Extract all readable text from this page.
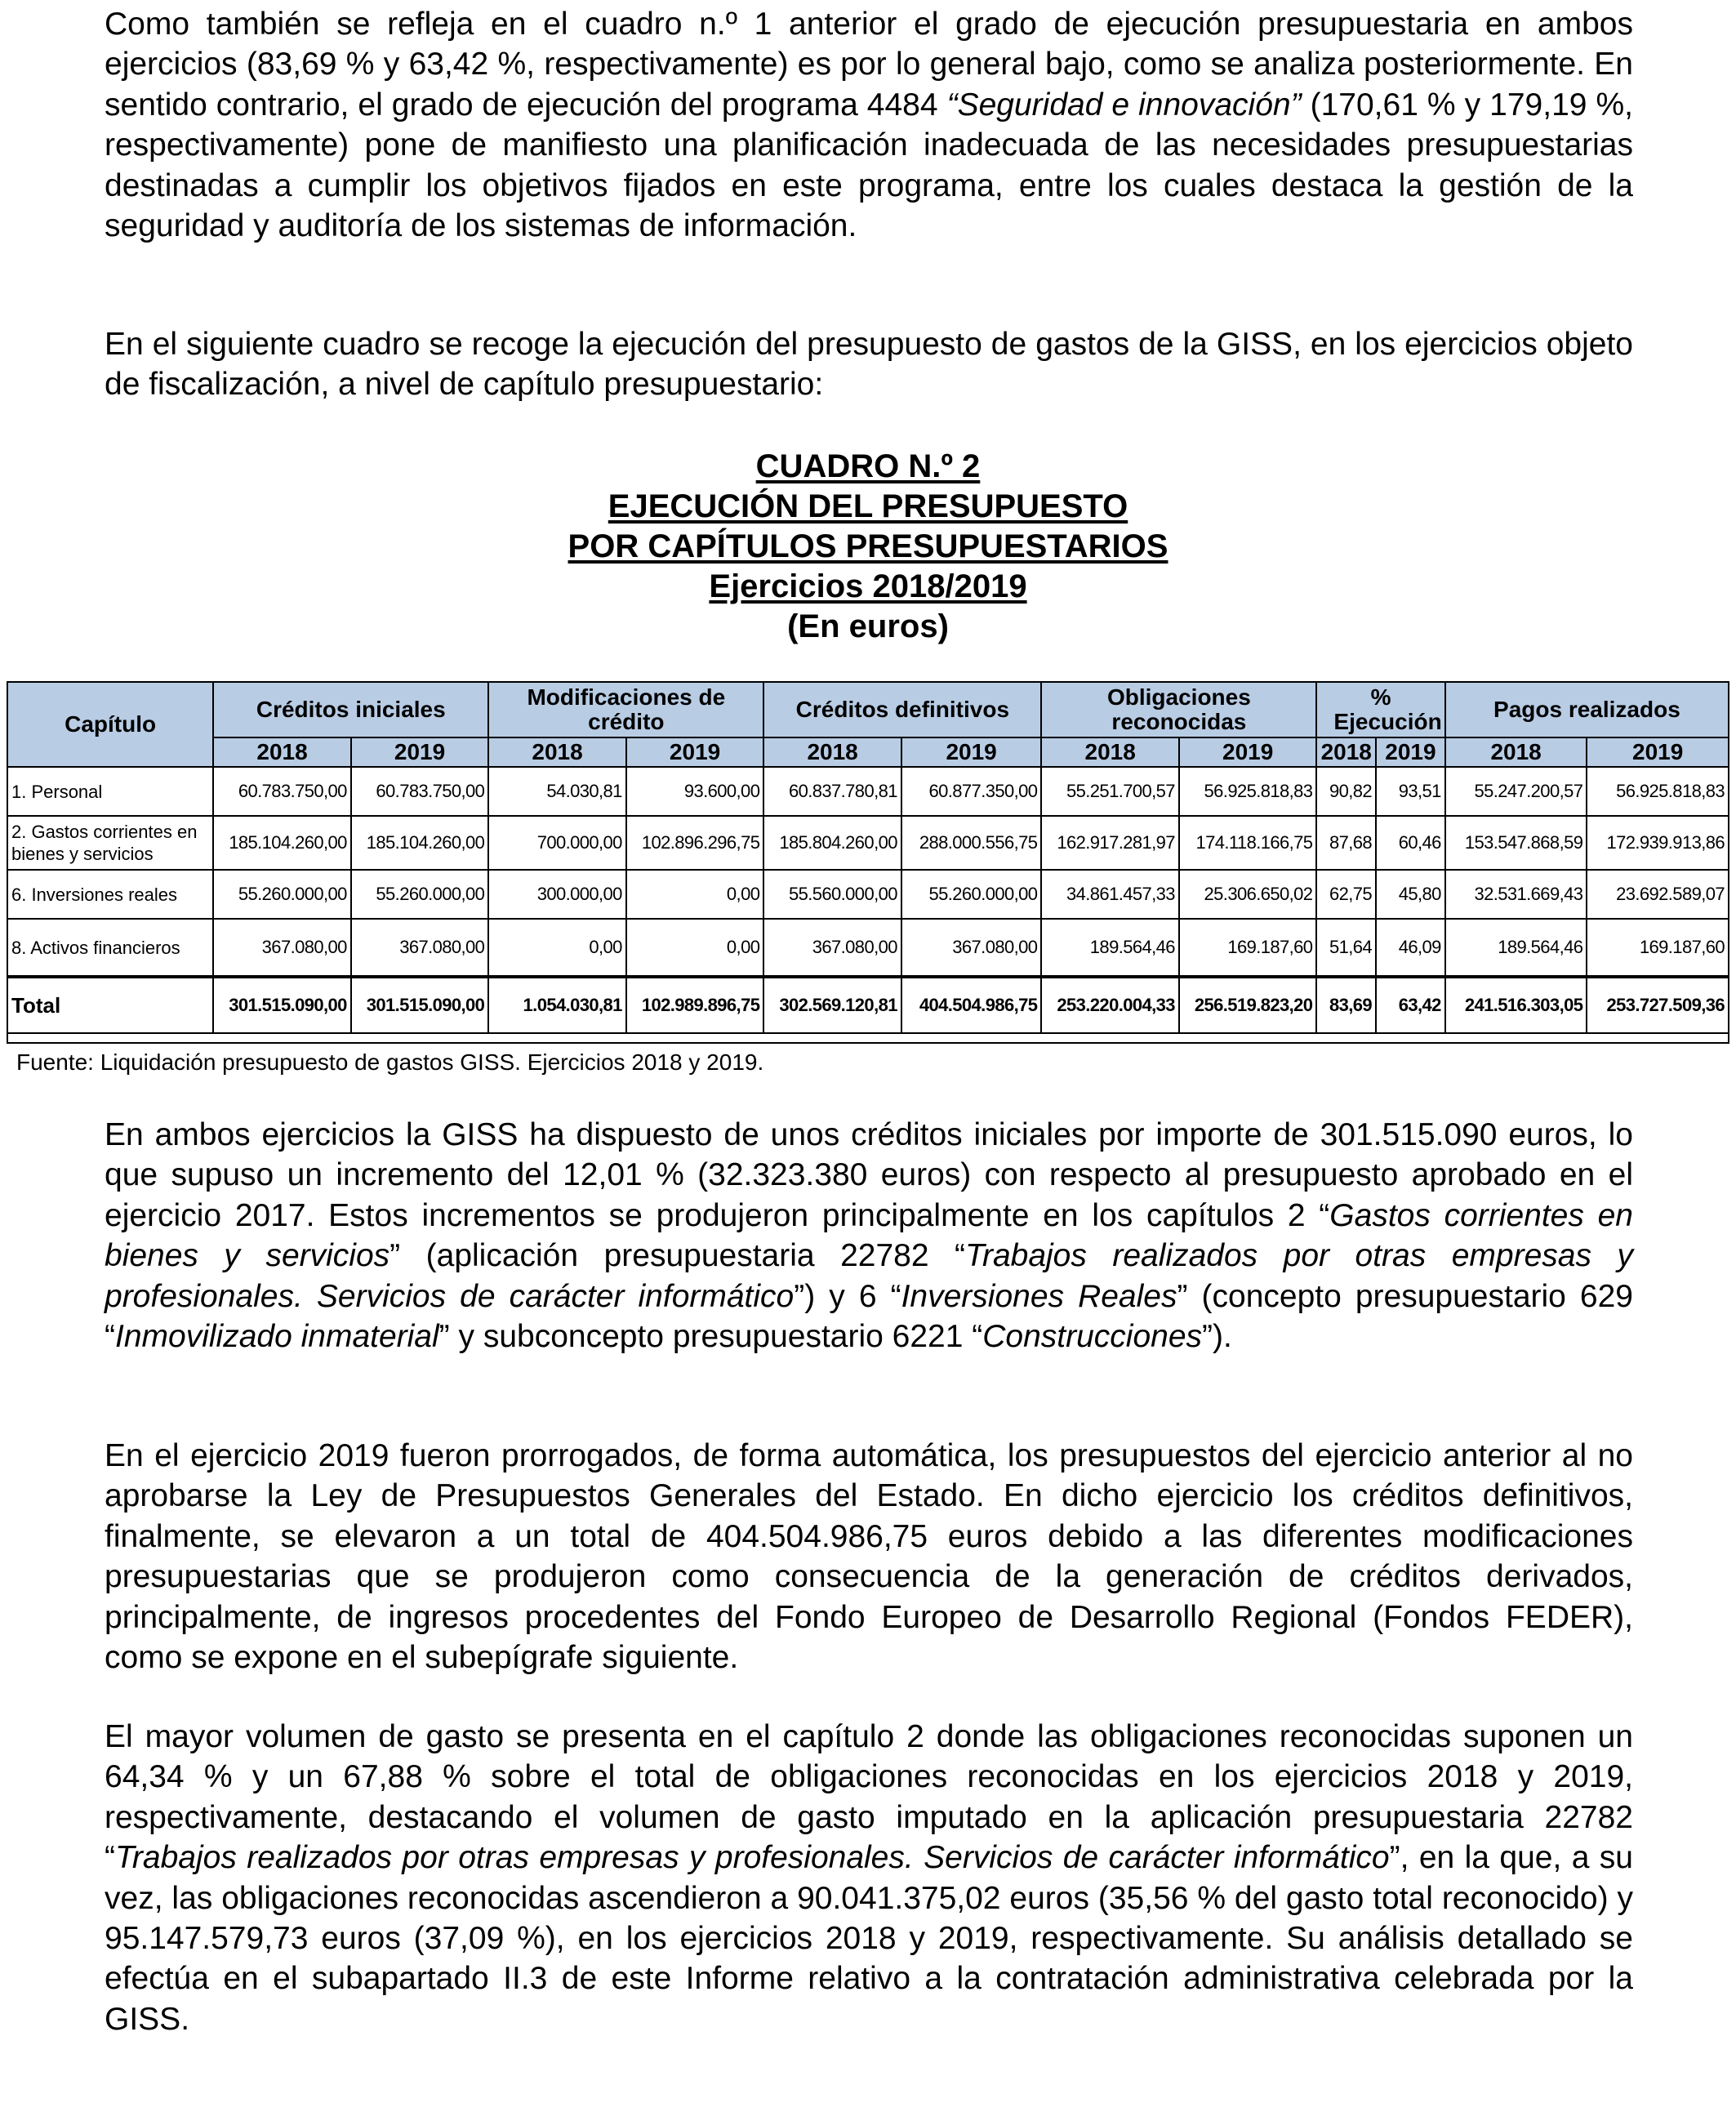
Como también se refleja en el cuadro n.º 1 anterior el grado de ejecución presupuestaria en ambos ejercicios (83,69 % y 63,42 %, respectivamente) es por lo general bajo, como se analiza posteriormente. En sentido contrario, el grado de ejecución del programa 4484 “Seguridad e innovación” (170,61 % y 179,19 %, respectivamente) pone de manifiesto una planificación inadecuada de las necesidades presupuestarias destinadas a cumplir los objetivos fijados en este programa, entre los cuales destaca la gestión de la seguridad y auditoría de los sistemas de información.

En el siguiente cuadro se recoge la ejecución del presupuesto de gastos de la GISS, en los ejercicios objeto de fiscalización, a nivel de capítulo presupuestario:

CUADRO N.º 2
EJECUCIÓN DEL PRESUPUESTO
POR CAPÍTULOS PRESUPUESTARIOS
Ejercicios 2018/2019
(En euros)
Capítulo	Créditos iniciales		Modificaciones de crédito		Créditos definitivos		Obligaciones reconocidas		% Ejecución		Pagos realizados	
	2018	2019	2018	2019	2018	2019	2018	2019	2018	2019	2018	2019
1. Personal	60.783.750,00	60.783.750,00	54.030,81	93.600,00	60.837.780,81	60.877.350,00	55.251.700,57	56.925.818,83	90,82	93,51	55.247.200,57	56.925.818,83
2. Gastos corrientes en bienes y servicios	185.104.260,00	185.104.260,00	700.000,00	102.896.296,75	185.804.260,00	288.000.556,75	162.917.281,97	174.118.166,75	87,68	60,46	153.547.868,59	172.939.913,86
6. Inversiones reales	55.260.000,00	55.260.000,00	300.000,00	0,00	55.560.000,00	55.260.000,00	34.861.457,33	25.306.650,02	62,75	45,80	32.531.669,43	23.692.589,07
8. Activos financieros	367.080,00	367.080,00	0,00	0,00	367.080,00	367.080,00	189.564,46	169.187,60	51,64	46,09	189.564,46	169.187,60
Total	301.515.090,00	301.515.090,00	1.054.030,81	102.989.896,75	302.569.120,81	404.504.986,75	253.220.004,33	256.519.823,20	83,69	63,42	241.516.303,05	253.727.509,36
Fuente: Liquidación presupuesto de gastos GISS. Ejercicios 2018 y 2019.

En ambos ejercicios la GISS ha dispuesto de unos créditos iniciales por importe de 301.515.090 euros, lo que supuso un incremento del 12,01 % (32.323.380 euros) con respecto al presupuesto aprobado en el ejercicio 2017. Estos incrementos se produjeron principalmente en los capítulos 2 “Gastos corrientes en bienes y servicios” (aplicación presupuestaria 22782 “Trabajos realizados por otras empresas y profesionales. Servicios de carácter informático”) y 6 “Inversiones Reales” (concepto presupuestario 629 “Inmovilizado inmaterial” y subconcepto presupuestario 6221 “Construcciones”).

En el ejercicio 2019 fueron prorrogados, de forma automática, los presupuestos del ejercicio anterior al no aprobarse la Ley de Presupuestos Generales del Estado. En dicho ejercicio los créditos definitivos, finalmente, se elevaron a un total de 404.504.986,75 euros debido a las diferentes modificaciones presupuestarias que se produjeron como consecuencia de la generación de créditos derivados, principalmente, de ingresos procedentes del Fondo Europeo de Desarrollo Regional (Fondos FEDER), como se expone en el subepígrafe siguiente.

El mayor volumen de gasto se presenta en el capítulo 2 donde las obligaciones reconocidas suponen un 64,34 % y un 67,88 % sobre el total de obligaciones reconocidas en los ejercicios 2018 y 2019, respectivamente, destacando el volumen de gasto imputado en la aplicación presupuestaria 22782 “Trabajos realizados por otras empresas y profesionales. Servicios de carácter informático”, en la que, a su vez, las obligaciones reconocidas ascendieron a 90.041.375,02 euros (35,56 % del gasto total reconocido) y 95.147.579,73 euros (37,09 %), en los ejercicios 2018 y 2019, respectivamente. Su análisis detallado se efectúa en el subapartado II.3 de este Informe relativo a la contratación administrativa celebrada por la GISS.
